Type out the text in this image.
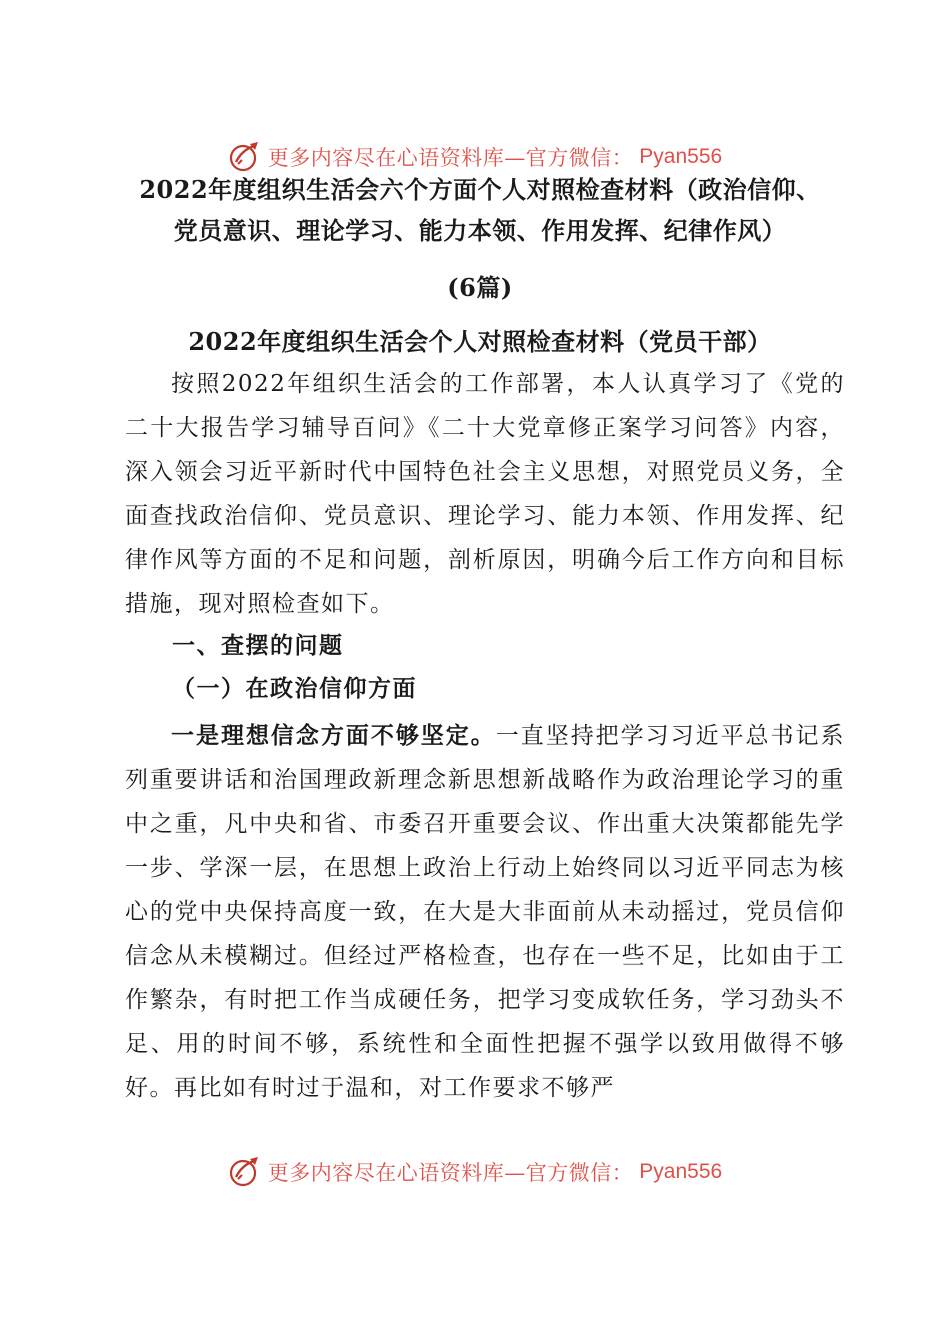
更多内容尽在心语资料库—官方微信： Pyan556
2022年度组织生活会六个方面个人对照检查材料（政治信仰、
党员意识、理论学习、能力本领、作用发挥、纪律作风）
(6篇)
2022年度组织生活会个人对照检查材料（党员干部）
按照2022年组织生活会的工作部署，本人认真学习了《党的二十大报告学习辅导百问》《二十大党章修正案学习问答》内容，深入领会习近平新时代中国特色社会主义思想，对照党员义务，全面查找政治信仰、党员意识、理论学习、能力本领、作用发挥、纪律作风等方面的不足和问题，剖析原因，明确今后工作方向和目标措施，现对照检查如下。
一、查摆的问题
（一）在政治信仰方面
一是理想信念方面不够坚定。一直坚持把学习习近平总书记系列重要讲话和治国理政新理念新思想新战略作为政治理论学习的重中之重，凡中央和省、市委召开重要会议、作出重大决策都能先学一步、学深一层，在思想上政治上行动上始终同以习近平同志为核心的党中央保持高度一致，在大是大非面前从未动摇过，党员信仰信念从未模糊过。但经过严格检查，也存在一些不足，比如由于工作繁杂，有时把工作当成硬任务，把学习变成软任务，学习劲头不足、用的时间不够，系统性和全面性把握不强学以致用做得不够好。再比如有时过于温和，对工作要求不够严
更多内容尽在心语资料库—官方微信： Pyan556
